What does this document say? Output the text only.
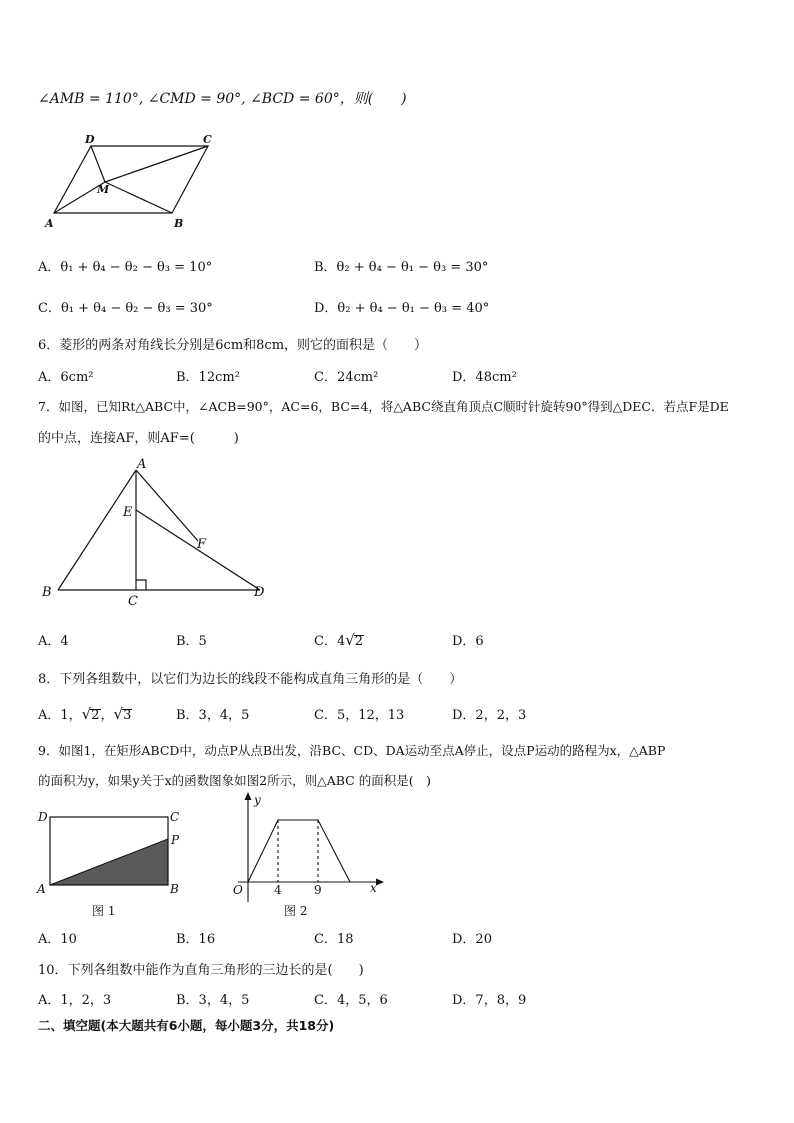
∠AMB = 110°, ∠CMD = 90°, ∠BCD = 60°，则(　　)
D	C
M
A	B
A．θ₁ + θ₄ − θ₂ − θ₃ = 10°	B．θ₂ + θ₄ − θ₁ − θ₃ = 30°
C．θ₁ + θ₄ − θ₂ − θ₃ = 30°	D．θ₂ + θ₄ − θ₁ − θ₃ = 40°
6．菱形的两条对角线长分别是6cm和8cm，则它的面积是（　　）
A．6cm²	B．12cm²	C．24cm²	D．48cm²
7．如图，已知Rt△ABC中，∠ACB=90°，AC=6，BC=4，将△ABC绕直角顶点C顺时针旋转90°得到△DEC．若点F是DE
的中点，连接AF，则AF=(　　　)
A
E
F
B
C
D
A．4	B．5	C．4√2	D．6
8．下列各组数中，以它们为边长的线段不能构成直角三角形的是（　　）
A．1，√2，√3	B．3，4，5	C．5，12，13	D．2，2，3
9．如图1，在矩形ABCD中，动点P从点B出发，沿BC、CD、DA运动至点A停止，设点P运动的路程为x，△ABP
的面积为y，如果y关于x的函数图象如图2所示，则△ABC 的面积是(　)
D	C
P
A	B
图 1
y
x
O	4	9
图 2
A．10	B．16	C．18	D．20
10．下列各组数中能作为直角三角形的三边长的是(　　)
A．1，2，3	B．3，4，5	C．4，5，6	D．7，8，9
二、填空题(本大题共有6小题，每小题3分，共18分)
